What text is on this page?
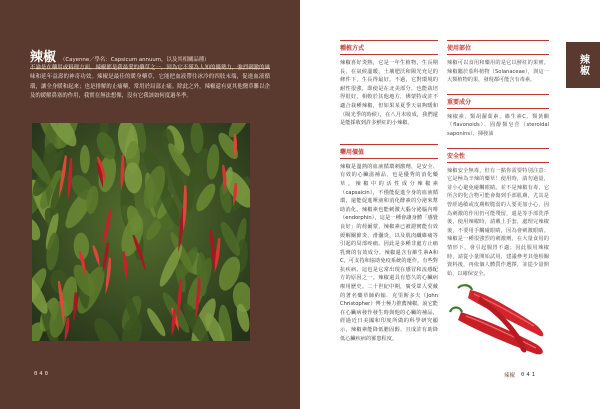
辣椒 （Cayenne／學名：Capsicum annuum，以及其相關品種）

不論是在藥用或料理方面，辣椒都是我最愛的藥草之一，因為它不僅為人知的優勢力，強烈刺激的風味和延年益壽的神奇功效。辣椒是最佳的暖身藥草，它能把血液帶往冰冷的四肢末端，促進血液循環，讓全身暖和起來；也是排解的止痛藥，常用於局部止痛。除此之外，辣椒還有更其他醫草難以企及的緩解鼻塞的作用，我實在無法想像，沒有它我該如何度過冬季。

040
種植方式

辣椒喜好炎熱，它是一年生植物，生長期長，在氣候溫暖、土壤肥沃和陽光充足的條件下，生長得最好。不過，它對環境的耐性很強，即使是在北美部分，也能栽培得很好，相較於其他地方，佛蒙特或許不適合栽種辣椒，但如果某夏季天氣夠暖和（陽光季的時候），在八月末收成，我們還是能採收到許多鮮紅的小辣椒。

藥用價值

辣椒是溫熱的血液循環刺激劑，是安全、有效的心臟滋補品，也是優秀的消化藥草。辣椒中的活性成分辣椒素（capsaicin），不僅能促進全身的血液循環，還能促進唾液和消化酵素的分泌來幫助消化。辣椒素也能刺激大腦分泌腦內啡（endorphin），這是一種會讓身體「感覺良好」的荷爾蒙，辣椒素已被證實能有效緩解關節炎、滑囊炎，以及肌肉纖維痛等引起的局部疼痛。因此是多種非處方止痛乳膏的有效成分。辣椒還含有維生素A和C，可支持和協助免疫系統的運作。有些對抗疾病、這也是它常出現在感冒和流感配方的原因之一。辣椒還具有悠久的心臟病療用歷史。二十世紀中期，廣受眾人愛戴的著名藥草師約翰．克里斯多夫（John Christopher）博士極力推薦辣椒，說它能在心臟病發作發生時與他的心臟的補品，經過近日美國和印度所做的科學研究顯示，辣椒素能降低膽固醇、且成許有助降低心臟疾病的罹患程度。

使用部位

辣椒可以食用和藥用的是它以鮮紅的果實。辣椒屬於茄科植物（Solanaceae），與這一大類植物的果，發現都可能含有毒素。

重要成分

辣椒素、類胡蘿蔔素、維生素C、類黃酮（flavonoids）、固醇類皂苷（steroidal saponins）、揮發油

安全性

辣椒安全無毒，但有一點你需要特別注意：它是極為辛辣的藥草！使用時，請勿過量，並小心避免碰觸眼睛。並不是辣椒有毒，它所含的化合物可能會傷到手部肌膚，尤其是曾經過敏或皮膚較脆弱的人要更加小心，因為刺激的作用仍可能殘留，還是等手部洗淨後，使用辣椒時，請戴上手套，處理完辣椒後，不要用手觸碰眼睛，因為會刺激眼睛。辣椒是一種很強烈的刺激劑，在大量食用的情形下，會引起腸胃不適；因此服用辣椒時，請從小量開始試用，建議參考其他相關資料後，再依個人體質作選擇，並從少量開始，以確保安全。

辣椒
辣椒 041
